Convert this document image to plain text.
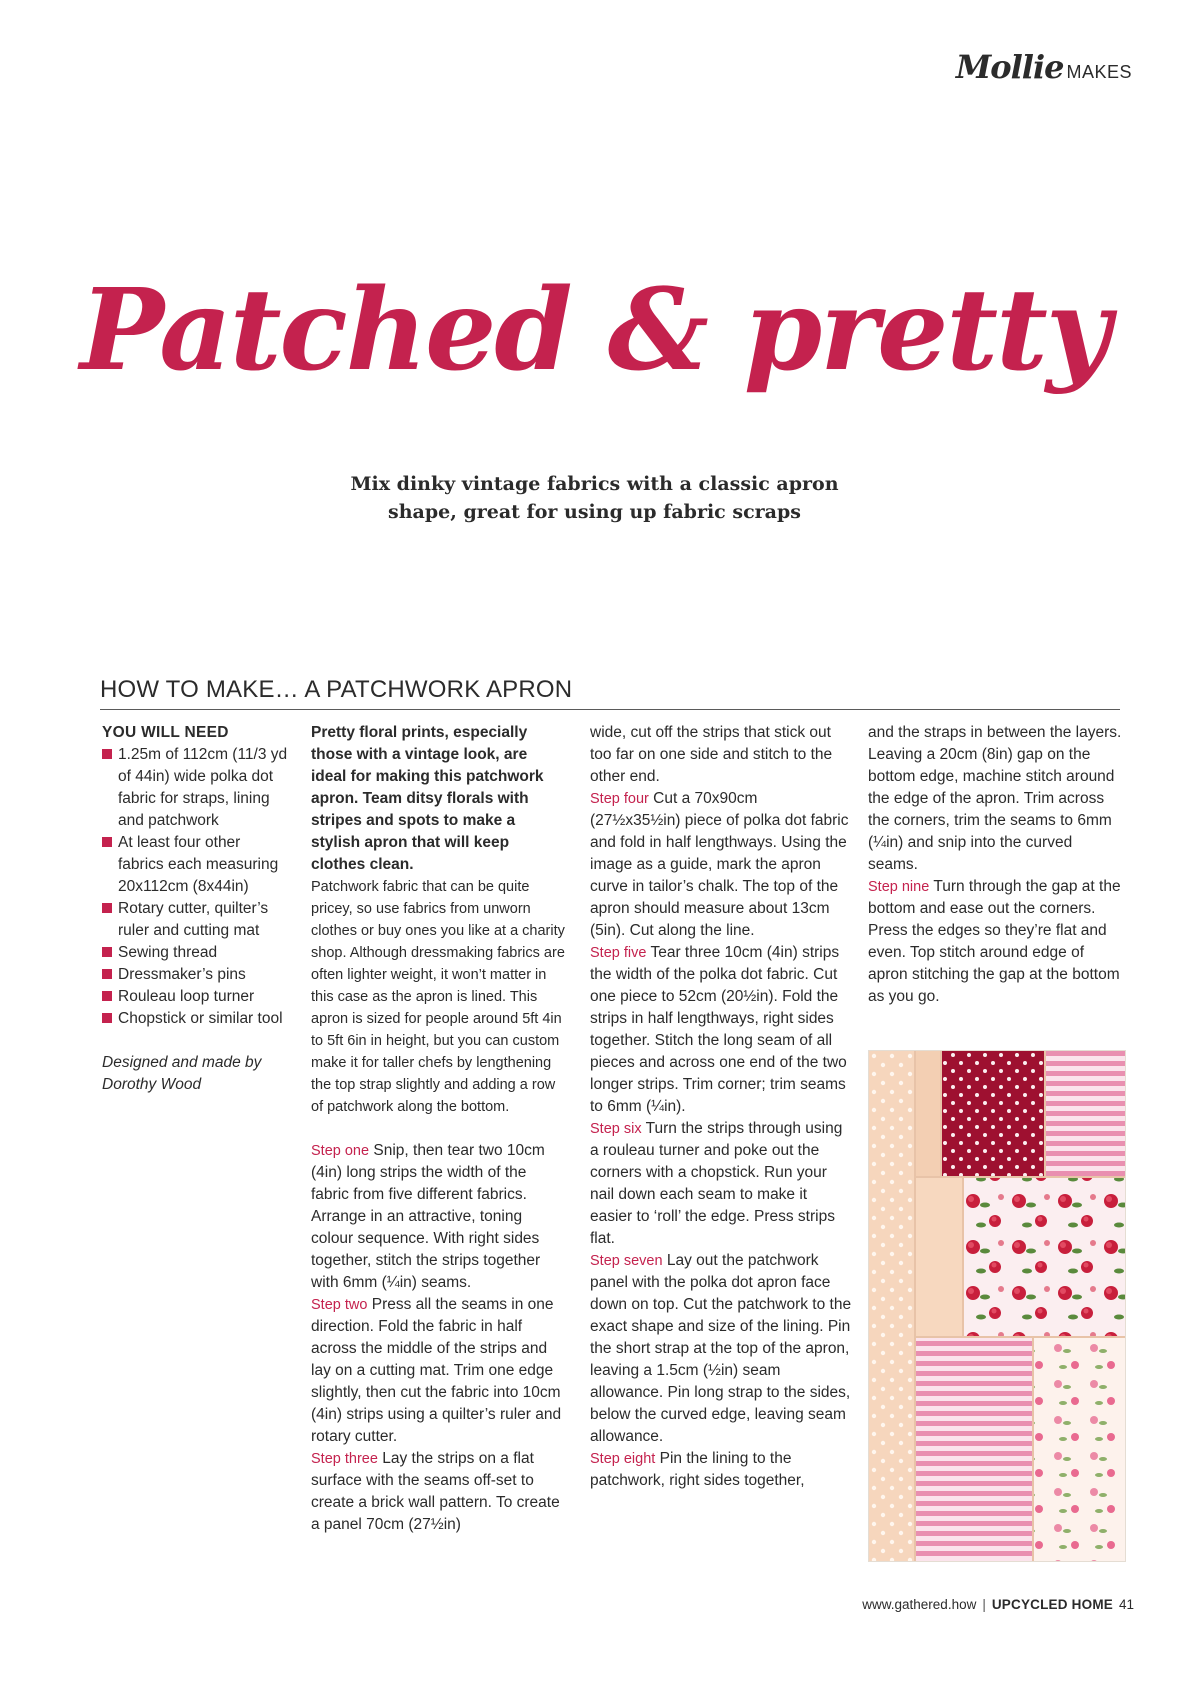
Mollie MAKES
Patched & pretty

Mix dinky vintage fabrics with a classic apron
shape, great for using up fabric scraps

HOW TO MAKE… A PATCHWORK APRON

YOU WILL NEED

1.25m of 112cm (11/3 yd of 44in) wide polka dot fabric for straps, lining and patchwork
At least four other fabrics each measuring 20x112cm (8x44in)
Rotary cutter, quilter’s ruler and cutting mat
Sewing thread
Dressmaker’s pins
Rouleau loop turner
Chopstick or similar tool

Designed and made by
Dorothy Wood

Pretty floral prints, especially those with a vintage look, are ideal for making this patchwork apron. Team ditsy florals with stripes and spots to make a stylish apron that will keep clothes clean.

Patchwork fabric that can be quite pricey, so use fabrics from unworn clothes or buy ones you like at a charity shop. Although dressmaking fabrics are often lighter weight, it won’t matter in this case as the apron is lined. This apron is sized for people around 5ft 4in to 5ft 6in in height, but you can custom make it for taller chefs by lengthening the top strap slightly and adding a row of patchwork along the bottom.

Step one Snip, then tear two 10cm (4in) long strips the width of the fabric from five different fabrics. Arrange in an attractive, toning colour sequence. With right sides together, stitch the strips together with 6mm (¼in) seams.

Step two Press all the seams in one direction. Fold the fabric in half across the middle of the strips and lay on a cutting mat. Trim one edge slightly, then cut the fabric into 10cm (4in) strips using a quilter’s ruler and rotary cutter.

Step three Lay the strips on a flat surface with the seams off-set to create a brick wall pattern. To create a panel 70cm (27½in)

wide, cut off the strips that stick out too far on one side and stitch to the other end.

Step four Cut a 70x90cm (27½x35½in) piece of polka dot fabric and fold in half lengthways. Using the image as a guide, mark the apron curve in tailor’s chalk. The top of the apron should measure about 13cm (5in). Cut along the line.

Step five Tear three 10cm (4in) strips the width of the polka dot fabric. Cut one piece to 52cm (20½in). Fold the strips in half lengthways, right sides together. Stitch the long seam of all pieces and across one end of the two longer strips. Trim corner; trim seams to 6mm (¼in).

Step six Turn the strips through using a rouleau turner and poke out the corners with a chopstick. Run your nail down each seam to make it easier to ‘roll’ the edge. Press strips flat.

Step seven Lay out the patchwork panel with the polka dot apron face down on top. Cut the patchwork to the exact shape and size of the lining. Pin the short strap at the top of the apron, leaving a 1.5cm (½in) seam allowance. Pin long strap to the sides, below the curved edge, leaving seam allowance.

Step eight Pin the lining to the patchwork, right sides together,

and the straps in between the layers. Leaving a 20cm (8in) gap on the bottom edge, machine stitch around the edge of the apron. Trim across the corners, trim the seams to 6mm (¼in) and snip into the curved seams.

Step nine Turn through the gap at the bottom and ease out the corners. Press the edges so they’re flat and even. Top stitch around edge of apron stitching the gap at the bottom as you go.

www.gathered.how | UPCYCLED HOME 41
